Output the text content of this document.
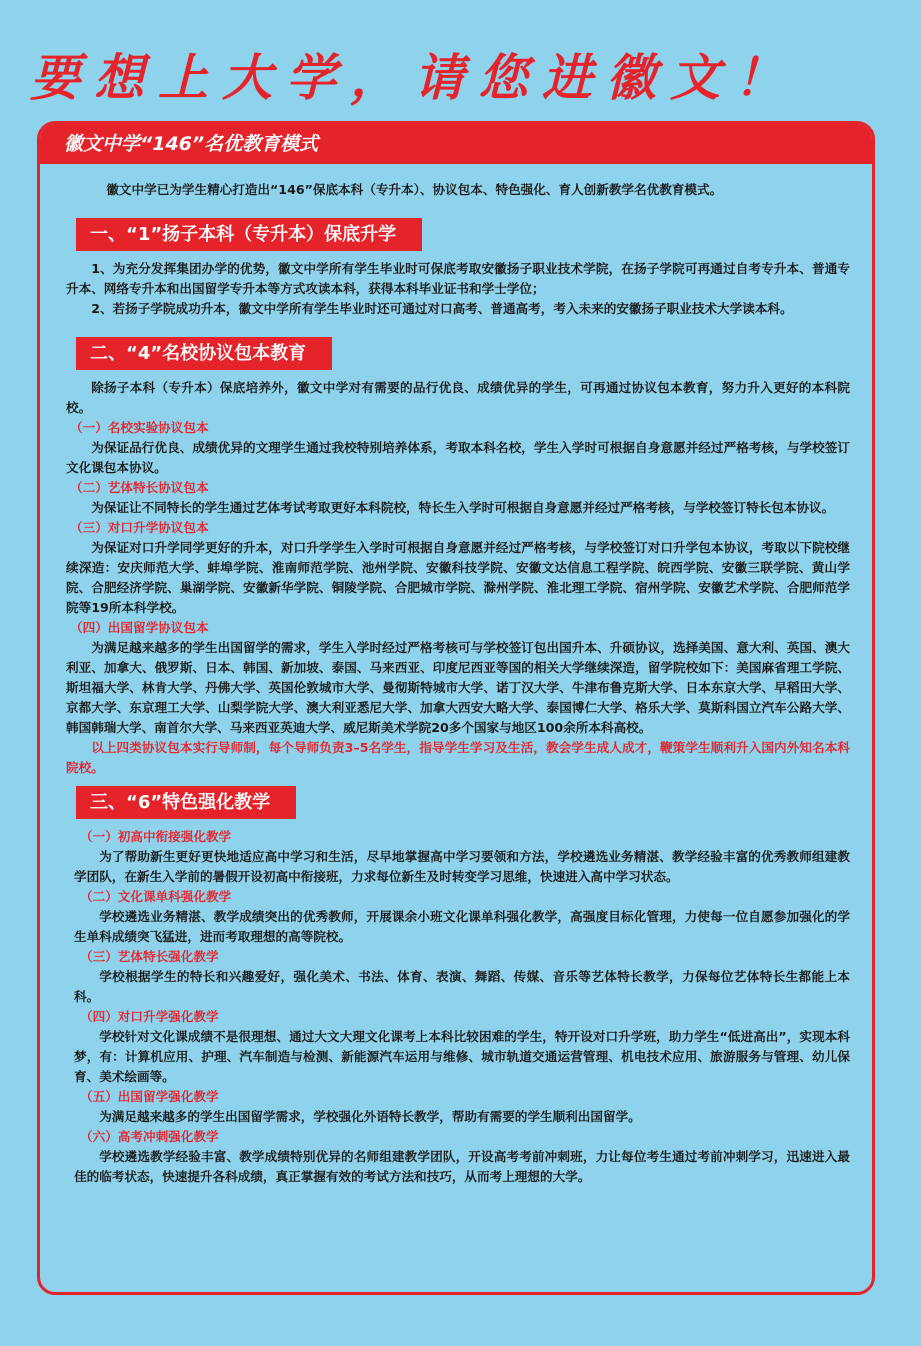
要想上大学，请您进徽文！
徽文中学“146”名优教育模式

徽文中学已为学生精心打造出“146”保底本科（专升本）、协议包本、特色强化、育人创新教学名优教育模式。

一、“1”扬子本科（专升本）保底升学

1、为充分发挥集团办学的优势，徽文中学所有学生毕业时可保底考取安徽扬子职业技术学院，在扬子学院可再通过自考专升本、普通专升本、网络专升本和出国留学专升本等方式攻读本科，获得本科毕业证书和学士学位；

2、若扬子学院成功升本，徽文中学所有学生毕业时还可通过对口高考、普通高考，考入未来的安徽扬子职业技术大学读本科。

二、“4”名校协议包本教育

除扬子本科（专升本）保底培养外，徽文中学对有需要的品行优良、成绩优异的学生，可再通过协议包本教育，努力升入更好的本科院校。

（一）名校实验协议包本

为保证品行优良、成绩优异的文理学生通过我校特别培养体系，考取本科名校，学生入学时可根据自身意愿并经过严格考核，与学校签订文化课包本协议。

（二）艺体特长协议包本

为保证让不同特长的学生通过艺体考试考取更好本科院校，特长生入学时可根据自身意愿并经过严格考核，与学校签订特长包本协议。

（三）对口升学协议包本

为保证对口升学同学更好的升本，对口升学学生入学时可根据自身意愿并经过严格考核，与学校签订对口升学包本协议，考取以下院校继续深造：安庆师范大学、蚌埠学院、淮南师范学院、池州学院、安徽科技学院、安徽文达信息工程学院、皖西学院、安徽三联学院、黄山学院、合肥经济学院、巢湖学院、安徽新华学院、铜陵学院、合肥城市学院、滁州学院、淮北理工学院、宿州学院、安徽艺术学院、合肥师范学院等19所本科学校。

（四）出国留学协议包本

为满足越来越多的学生出国留学的需求，学生入学时经过严格考核可与学校签订包出国升本、升硕协议，选择美国、意大利、英国、澳大利亚、加拿大、俄罗斯、日本、韩国、新加坡、泰国、马来西亚、印度尼西亚等国的相关大学继续深造，留学院校如下：美国麻省理工学院、斯坦福大学、林肯大学、丹佛大学、英国伦敦城市大学、曼彻斯特城市大学、诺丁汉大学、牛津布鲁克斯大学、日本东京大学、早稻田大学、京都大学、东京理工大学、山梨学院大学、澳大利亚悉尼大学、加拿大西安大略大学、泰国博仁大学、格乐大学、莫斯科国立汽车公路大学、韩国韩瑞大学、南首尔大学、马来西亚英迪大学、威尼斯美术学院20多个国家与地区100余所本科高校。

以上四类协议包本实行导师制，每个导师负责3–5名学生，指导学生学习及生活，教会学生成人成才，鞭策学生顺利升入国内外知名本科院校。

三、“6”特色强化教学
（一）初高中衔接强化教学

为了帮助新生更好更快地适应高中学习和生活，尽早地掌握高中学习要领和方法，学校遴选业务精湛、教学经验丰富的优秀教师组建教学团队，在新生入学前的暑假开设初高中衔接班，力求每位新生及时转变学习思维，快速进入高中学习状态。

（二）文化课单科强化教学

学校遴选业务精湛、教学成绩突出的优秀教师，开展课余小班文化课单科强化教学，高强度目标化管理，力使每一位自愿参加强化的学生单科成绩突飞猛进，进而考取理想的高等院校。

（三）艺体特长强化教学

学校根据学生的特长和兴趣爱好，强化美术、书法、体育、表演、舞蹈、传媒、音乐等艺体特长教学，力保每位艺体特长生都能上本科。

（四）对口升学强化教学

学校针对文化课成绩不是很理想、通过大文大理文化课考上本科比较困难的学生，特开设对口升学班，助力学生“低进高出”，实现本科梦，有：计算机应用、护理、汽车制造与检测、新能源汽车运用与维修、城市轨道交通运营管理、机电技术应用、旅游服务与管理、幼儿保育、美术绘画等。

（五）出国留学强化教学

为满足越来越多的学生出国留学需求，学校强化外语特长教学，帮助有需要的学生顺利出国留学。

（六）高考冲刺强化教学

学校遴选教学经验丰富、教学成绩特别优异的名师组建教学团队，开设高考考前冲刺班，力让每位考生通过考前冲刺学习，迅速进入最佳的临考状态，快速提升各科成绩，真正掌握有效的考试方法和技巧，从而考上理想的大学。
